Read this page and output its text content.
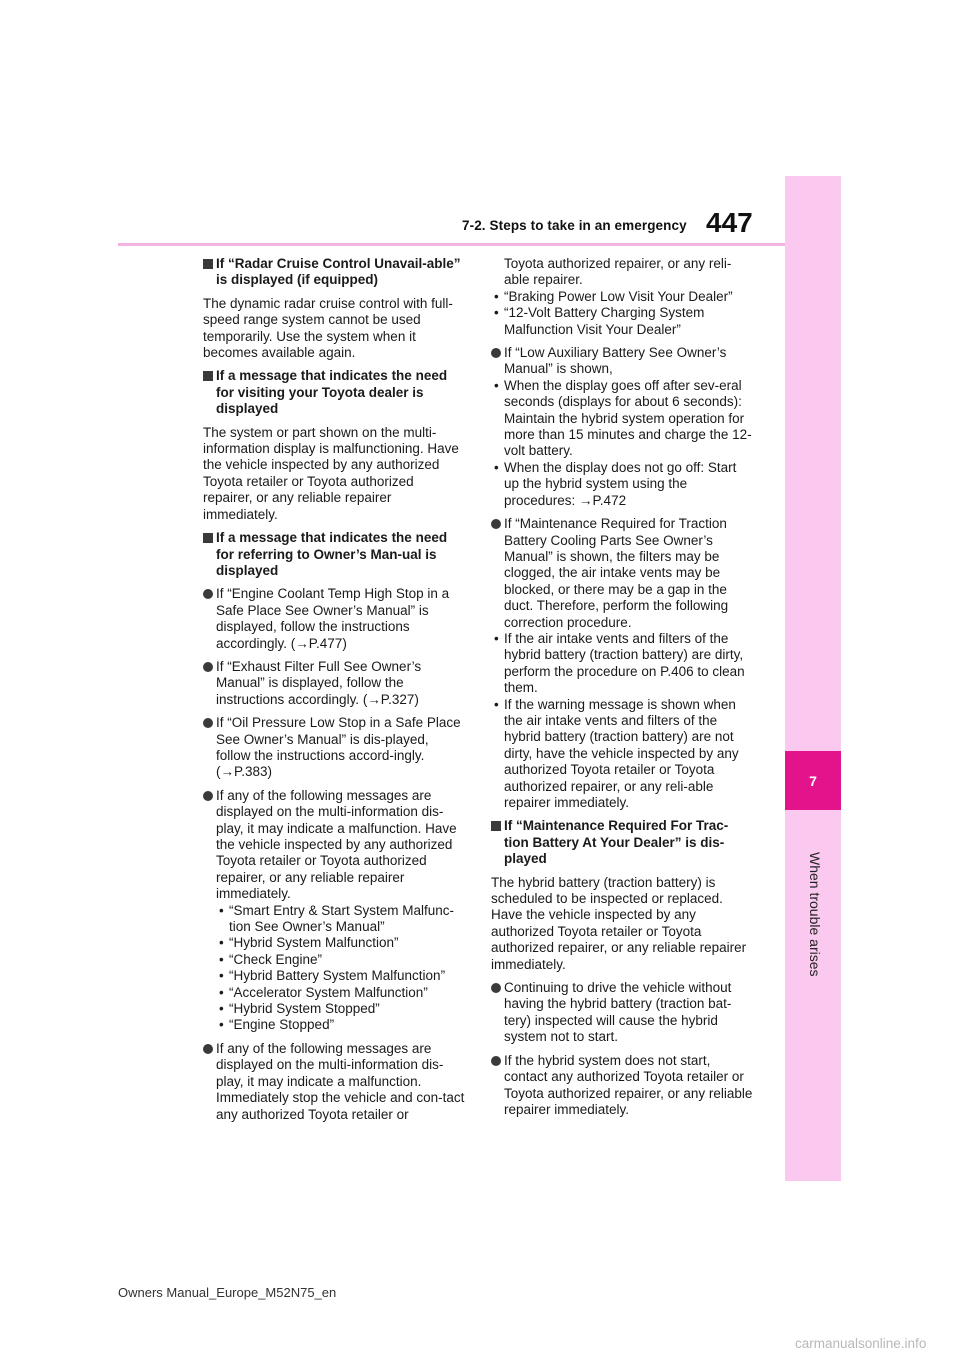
7-2. Steps to take in an emergency 447
7
When trouble arises
If “Radar Cruise Control Unavail-able” is displayed (if equipped)
The dynamic radar cruise control with full-speed range system cannot be used temporarily. Use the system when it becomes available again.
If a message that indicates the need for visiting your Toyota dealer is displayed
The system or part shown on the multi-information display is malfunctioning. Have the vehicle inspected by any authorized Toyota retailer or Toyota authorized repairer, or any reliable repairer immediately.
If a message that indicates the need for referring to Owner’s Man-ual is displayed
If “Engine Coolant Temp High Stop in a Safe Place See Owner’s Manual” is displayed, follow the instructions accordingly. (→P.477)
If “Exhaust Filter Full See Owner’s Manual” is displayed, follow the instructions accordingly. (→P.327)
If “Oil Pressure Low Stop in a Safe Place See Owner’s Manual” is dis-played, follow the instructions accord-ingly. (→P.383)
If any of the following messages are displayed on the multi-information dis-play, it may indicate a malfunction. Have the vehicle inspected by any authorized Toyota retailer or Toyota authorized repairer, or any reliable repairer immediately.
• “Smart Entry & Start System Malfunc-tion See Owner’s Manual”
• “Hybrid System Malfunction”
• “Check Engine”
• “Hybrid Battery System Malfunction”
• “Accelerator System Malfunction”
• “Hybrid System Stopped”
• “Engine Stopped”
If any of the following messages are displayed on the multi-information dis-play, it may indicate a malfunction. Immediately stop the vehicle and con-tact any authorized Toyota retailer or
Toyota authorized repairer, or any reli-able repairer.
• “Braking Power Low Visit Your Dealer”
• “12-Volt Battery Charging System Malfunction Visit Your Dealer”
If “Low Auxiliary Battery See Owner’s Manual” is shown,
• When the display goes off after sev-eral seconds (displays for about 6 seconds): Maintain the hybrid system operation for more than 15 minutes and charge the 12-volt battery.
• When the display does not go off: Start up the hybrid system using the procedures: →P.472
If “Maintenance Required for Traction Battery Cooling Parts See Owner’s Manual” is shown, the filters may be clogged, the air intake vents may be blocked, or there may be a gap in the duct. Therefore, perform the following correction procedure.
• If the air intake vents and filters of the hybrid battery (traction battery) are dirty, perform the procedure on P.406 to clean them.
• If the warning message is shown when the air intake vents and filters of the hybrid battery (traction battery) are not dirty, have the vehicle inspected by any authorized Toyota retailer or Toyota authorized repairer, or any reli-able repairer immediately.
If “Maintenance Required For Trac-tion Battery At Your Dealer” is dis-played
The hybrid battery (traction battery) is scheduled to be inspected or replaced. Have the vehicle inspected by any authorized Toyota retailer or Toyota authorized repairer, or any reliable repairer immediately.
Continuing to drive the vehicle without having the hybrid battery (traction bat-tery) inspected will cause the hybrid system not to start.
If the hybrid system does not start, contact any authorized Toyota retailer or Toyota authorized repairer, or any reliable repairer immediately.
Owners Manual_Europe_M52N75_en
carmanualsonline.info
